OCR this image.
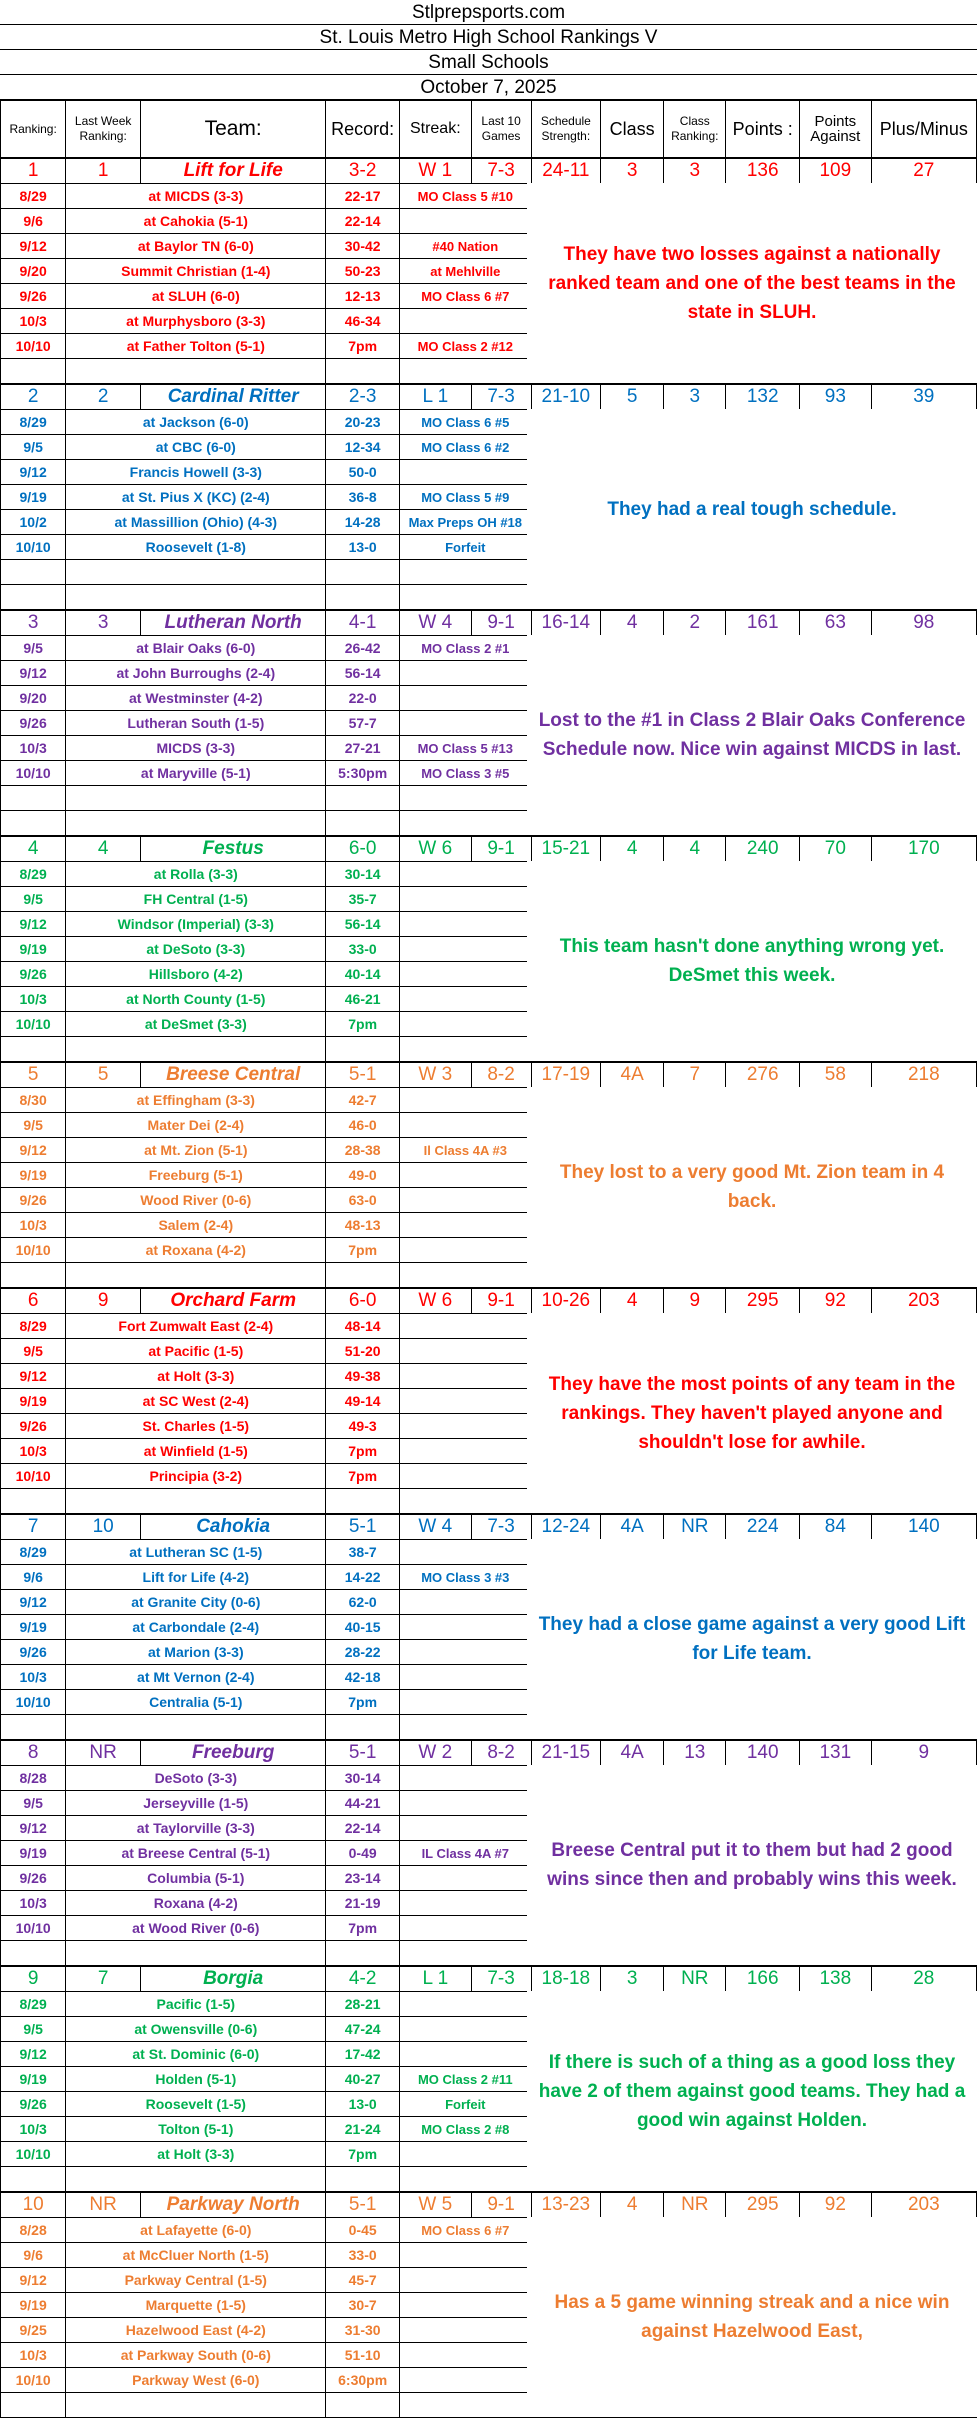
Stlprepsports.com
St. Louis Metro High School Rankings V
Small Schools
October 7, 2025
Ranking:	Last Week Ranking:	Team:	Record:	Streak:	Last 10 Games	Schedule Strength:	Class	Class Ranking:	Points :	Points Against	Plus/Minus
1	1	Lift for Life	3-2	W 1	7-3	24-11	3	3	136	109	27
8/29	at MICDS (3-3)		22-17	MO Class 5 #10							
9/6	at Cahokia (5-1)		22-14								
9/12	at Baylor TN (6-0)		30-42	#40 Nation							
9/20	Summit Christian (1-4)		50-23	at Mehlville							
9/26	at SLUH (6-0)		12-13	MO Class 6 #7							
10/3	at Murphysboro (3-3)		46-34								
10/10	at Father Tolton (5-1)		7pm	MO Class 2 #12							

They have two losses against a nationally ranked team and one of the best teams in the state in SLUH.
2	2	Cardinal Ritter	2-3	L 1	7-3	21-10	5	3	132	93	39
8/29	at Jackson (6-0)		20-23	MO Class 6 #5							
9/5	at CBC (6-0)		12-34	MO Class 6 #2							
9/12	Francis Howell (3-3)		50-0								
9/19	at St. Pius X (KC) (2-4)		36-8	MO Class 5 #9							
10/2	at Massillion (Ohio) (4-3)		14-28	Max Preps OH #18							
10/10	Roosevelt (1-8)		13-0	Forfeit							

They had a real tough schedule.
3	3	Lutheran North	4-1	W 4	9-1	16-14	4	2	161	63	98
9/5	at Blair Oaks (6-0)		26-42	MO Class 2 #1							
9/12	at John Burroughs (2-4)		56-14								
9/20	at Westminster (4-2)		22-0								
9/26	Lutheran South (1-5)		57-7								
10/3	MICDS (3-3)		27-21	MO Class 5 #13							
10/10	at Maryville (5-1)		5:30pm	MO Class 3 #5							

Lost to the #1 in Class 2 Blair Oaks Conference Schedule now. Nice win against MICDS in last.
4	4	Festus	6-0	W 6	9-1	15-21	4	4	240	70	170
8/29	at Rolla (3-3)		30-14								
9/5	FH Central (1-5)		35-7								
9/12	Windsor (Imperial) (3-3)		56-14								
9/19	at DeSoto (3-3)		33-0								
9/26	Hillsboro (4-2)		40-14								
10/3	at North County (1-5)		46-21								
10/10	at DeSmet (3-3)		7pm								

This team hasn't done anything wrong yet. DeSmet this week.
5	5	Breese Central	5-1	W 3	8-2	17-19	4A	7	276	58	218
8/30	at Effingham (3-3)		42-7								
9/5	Mater Dei (2-4)		46-0								
9/12	at Mt. Zion (5-1)		28-38	Il Class 4A #3							
9/19	Freeburg (5-1)		49-0								
9/26	Wood River (0-6)		63-0								
10/3	Salem (2-4)		48-13								
10/10	at Roxana (4-2)		7pm								

They lost to a very good Mt. Zion team in 4 back.
6	9	Orchard Farm	6-0	W 6	9-1	10-26	4	9	295	92	203
8/29	Fort Zumwalt East (2-4)		48-14								
9/5	at Pacific (1-5)		51-20								
9/12	at Holt (3-3)		49-38								
9/19	at SC West (2-4)		49-14								
9/26	St. Charles (1-5)		49-3								
10/3	at Winfield (1-5)		7pm								
10/10	Principia (3-2)		7pm								

They have the most points of any team in the rankings. They haven't played anyone and shouldn't lose for awhile.
7	10	Cahokia	5-1	W 4	7-3	12-24	4A	NR	224	84	140
8/29	at Lutheran SC (1-5)		38-7								
9/6	Lift for Life (4-2)		14-22	MO Class 3 #3							
9/12	at Granite City (0-6)		62-0								
9/19	at Carbondale (2-4)		40-15								
9/26	at Marion (3-3)		28-22								
10/3	at Mt Vernon (2-4)		42-18								
10/10	Centralia (5-1)		7pm								

They had a close game against a very good Lift for Life team.
8	NR	Freeburg	5-1	W 2	8-2	21-15	4A	13	140	131	9
8/28	DeSoto (3-3)		30-14								
9/5	Jerseyville (1-5)		44-21								
9/12	at Taylorville (3-3)		22-14								
9/19	at Breese Central (5-1)		0-49	IL Class 4A #7							
9/26	Columbia (5-1)		23-14								
10/3	Roxana (4-2)		21-19								
10/10	at Wood River (0-6)		7pm								

Breese Central put it to them but had 2 good wins since then and probably wins this week.
9	7	Borgia	4-2	L 1	7-3	18-18	3	NR	166	138	28
8/29	Pacific (1-5)		28-21								
9/5	at Owensville (0-6)		47-24								
9/12	at St. Dominic (6-0)		17-42								
9/19	Holden (5-1)		40-27	MO Class 2 #11							
9/26	Roosevelt (1-5)		13-0	Forfeit							
10/3	Tolton (5-1)		21-24	MO Class 2 #8							
10/10	at Holt (3-3)		7pm								

If there is such of a thing as a good loss they have 2 of them against good teams. They had a good win against Holden.
10	NR	Parkway North	5-1	W 5	9-1	13-23	4	NR	295	92	203
8/28	at Lafayette (6-0)		0-45	MO Class 6 #7							
9/6	at McCluer North (1-5)		33-0								
9/12	Parkway Central (1-5)		45-7								
9/19	Marquette (1-5)		30-7								
9/25	Hazelwood East (4-2)		31-30								
10/3	at Parkway South (0-6)		51-10								
10/10	Parkway West (6-0)		6:30pm								

Has a 5 game winning streak and a nice win against Hazelwood East,
